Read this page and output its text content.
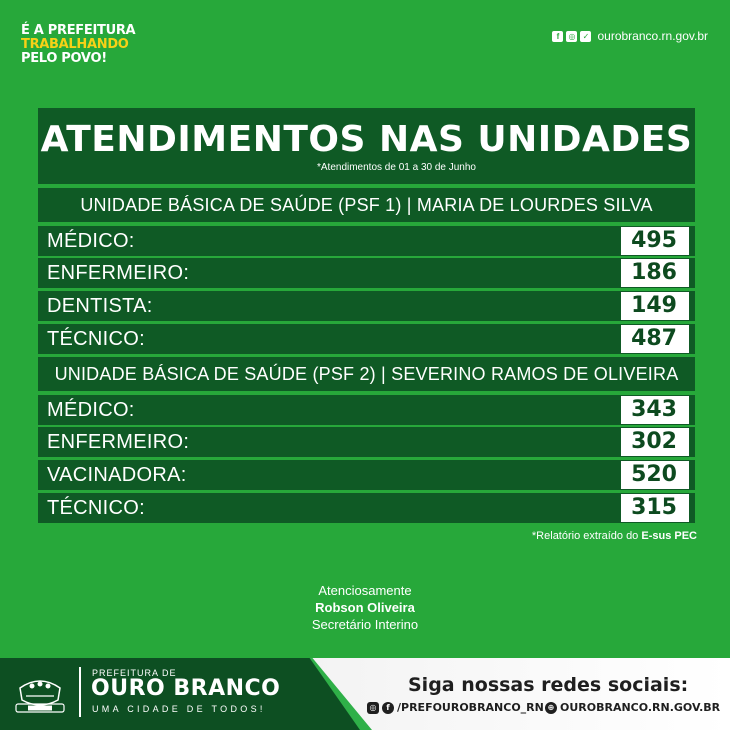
É A PREFEITURA
TRABALHANDO
PELO POVO!
f	◎ ✓ ourobranco.rn.gov.br
ATENDIMENTOS NAS UNIDADES
*Atendimentos de 01 a 30 de Junho
UNIDADE BÁSICA DE SAÚDE (PSF 1) | MARIA DE LOURDES SILVA
MÉDICO:	495
ENFERMEIRO:	186
DENTISTA:	149
TÉCNICO:	487
UNIDADE BÁSICA DE SAÚDE (PSF 2) | SEVERINO RAMOS DE OLIVEIRA
MÉDICO:	343
ENFERMEIRO:	302
VACINADORA:	520
TÉCNICO:	315
*Relatório extraído do E-sus PEC
Atenciosamente
Robson Oliveira
Secretário Interino
PREFEITURA DE
OURO BRANCO
UMA CIDADE DE TODOS!
Siga nossas redes sociais:
◎	f /PREFOUROBRANCO_RN ⊕ OUROBRANCO.RN.GOV.BR
